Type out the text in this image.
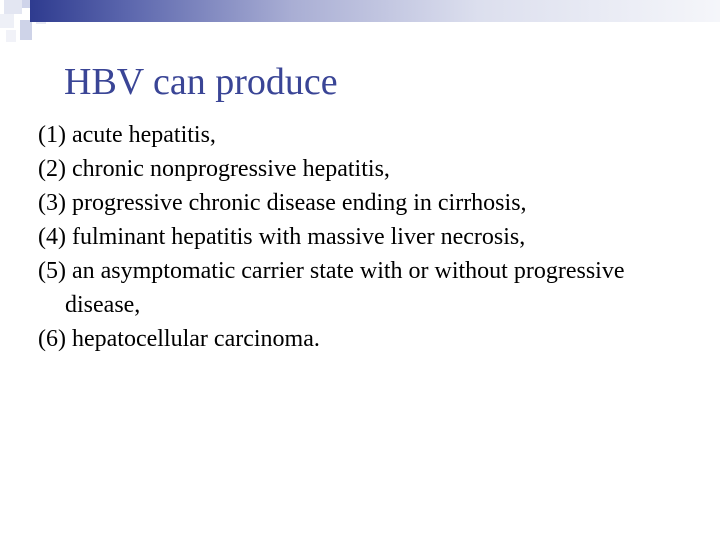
HBV can produce
(1) acute hepatitis,
(2) chronic nonprogressive hepatitis,
(3) progressive chronic disease ending in cirrhosis,
(4) fulminant hepatitis with massive liver necrosis,
(5) an asymptomatic carrier state with or without progressive disease,
(6) hepatocellular carcinoma.
